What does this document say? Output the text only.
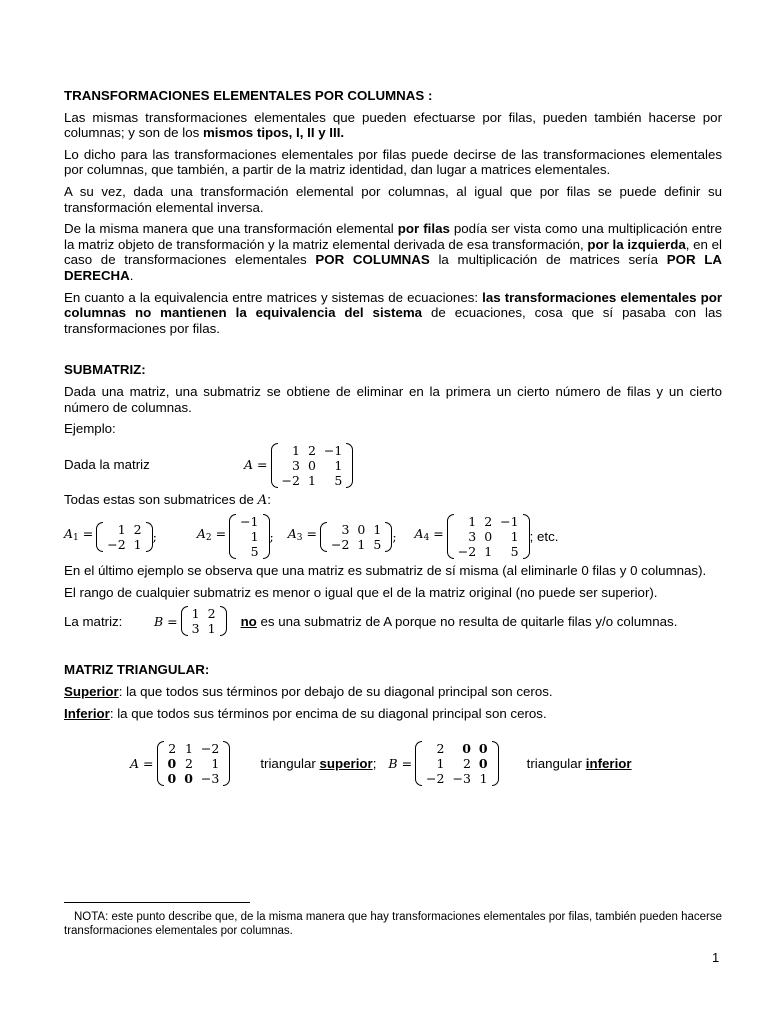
TRANSFORMACIONES ELEMENTALES POR COLUMNAS :

Las mismas transformaciones elementales que pueden efectuarse por filas, pueden también hacerse por columnas; y son de los mismos tipos, I, II y III.

Lo dicho para las transformaciones elementales por filas puede decirse de las transformaciones elementales por columnas, que también, a partir de la matriz identidad, dan lugar a matrices elementales.

A su vez, dada una transformación elemental por columnas, al igual que por filas se puede definir su transformación elemental inversa.

De la misma manera que una transformación elemental por filas podía ser vista como una multiplicación entre la matriz objeto de transformación y la matriz elemental derivada de esa transformación, por la izquierda, en el caso de transformaciones elementales POR COLUMNAS la multiplicación de matrices sería POR LA DERECHA.

En cuanto a la equivalencia entre matrices y sistemas de ecuaciones: las transformaciones elementales por columnas no mantienen la equivalencia del sistema de ecuaciones, cosa que sí pasaba con las transformaciones por filas.

SUBMATRIZ:

Dada una matriz, una submatriz se obtiene de eliminar en la primera un cierto número de filas y un cierto número de columnas.

Ejemplo:

Dada la matriz	A =
1	2	−1
3	0	1
−2	1	5

Todas estas son submatrices de A:

$A_1 = 1$	2
−2	1
;	$A_2$ =
−1
1
5
; $A_3 = 3$	0	1
−2	1	5
; $A_4$ =
1	2	−1
3	0	1
−2	1	5
; etc.

En el último ejemplo se observa que una matriz es submatriz de sí misma (al eliminarle 0 filas y 0 columnas).

El rango de cualquier submatriz es menor o igual que el de la matriz original (no puede ser superior).

La matriz:	B = 1	2
3	1
no es una submatriz de A porque no resulta de quitarle filas y/o columnas.
MATRIZ TRIANGULAR:

Superior: la que todos sus términos por debajo de su diagonal principal son ceros.

Inferior: la que todos sus términos por encima de su diagonal principal son ceros.

A =
2	1	−2
0	2	1
0	0	−3
triangular superior; B =
2	0	0
1	2	0
−2	−3	1
triangular inferior
NOTA: este punto describe que, de la misma manera que hay transformaciones elementales por filas, también pueden hacerse transformaciones elementales por columnas.
1
